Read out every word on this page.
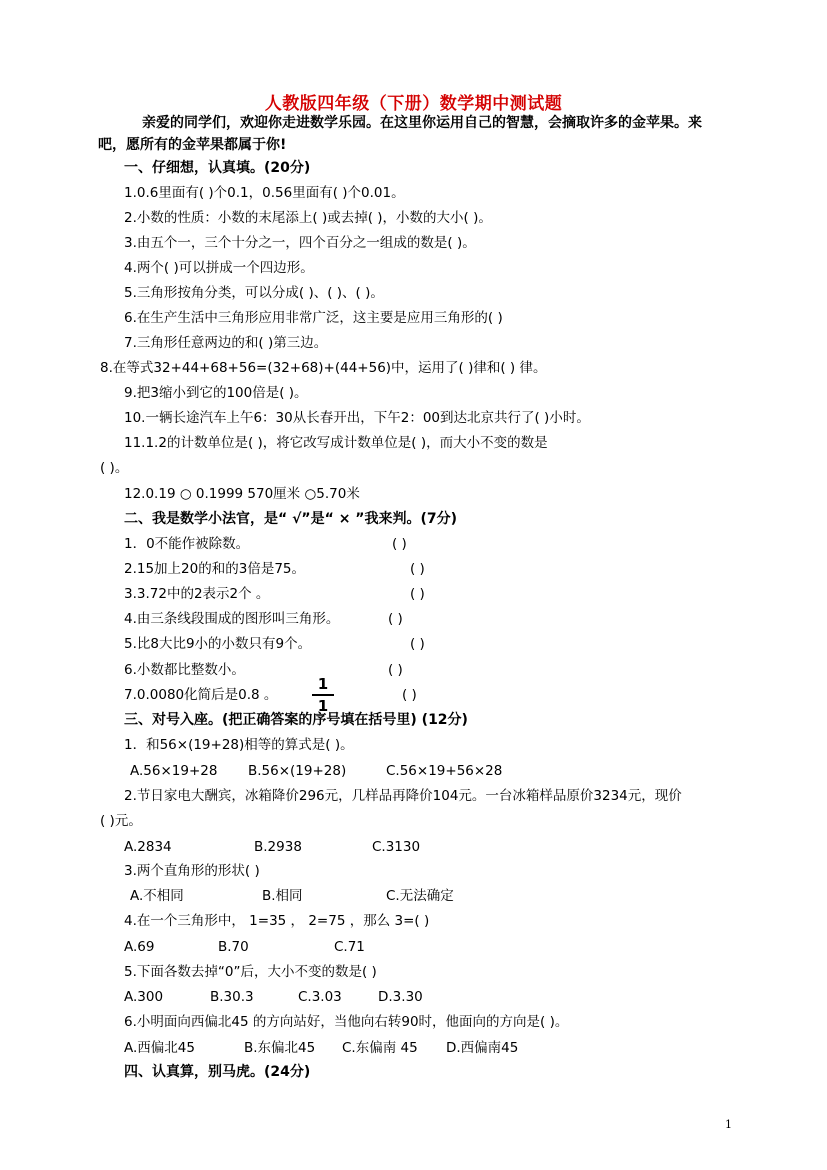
人教版四年级（下册）数学期中测试题
亲爱的同学们，欢迎你走进数学乐园。在这里你运用自己的智慧，会摘取许多的金苹果。来
吧，愿所有的金苹果都属于你!
一、仔细想，认真填。(20分)
1.0.6里面有( )个0.1，0.56里面有( )个0.01。
2.小数的性质：小数的末尾添上( )或去掉( )，小数的大小( )。
3.由五个一，三个十分之一，四个百分之一组成的数是( )。
4.两个( )可以拼成一个四边形。
5.三角形按角分类，可以分成( )、( )、( )。
6.在生产生活中三角形应用非常广泛，这主要是应用三角形的( )
7.三角形任意两边的和( )第三边。
8.在等式32+44+68+56=(32+68)+(44+56)中，运用了( )律和( ) 律。
9.把3缩小到它的100倍是( )。
10.一辆长途汽车上午6：30从长春开出，下午2：00到达北京共行了( )小时。
11.1.2的计数单位是( )，将它改写成计数单位是( )，而大小不变的数是
( )。
12.0.19 ○ 0.1999 570厘米 ○5.70米
二、我是数学小法官，是“ √”是“ × ”我来判。(7分)
1．0不能作被除数。	( )
2.15加上20的和的3倍是75。	( )
3.3.72中的2表示2个 。	( )
4.由三条线段围成的图形叫三角形。	( )
5.比8大比9小的小数只有9个。	( )
6.小数都比整数小。	( )
7.0.0080化简后是0.8 。	( )
1
1
三、对号入座。(把正确答案的序号填在括号里) (12分)
1．和56×(19+28)相等的算式是( )。
A.56×19+28 B.56×(19+28)	C.56×19+56×28
2.节日家电大酬宾，冰箱降价296元，几样品再降价104元。一台冰箱样品原价3234元，现价
( )元。
A.2834	B.2938	C.3130
3.两个直角形的形状( )
A.不相同	B.相同	C.无法确定
4.在一个三角形中， 1=35 ， 2=75 ，那么 3=( )
A.69	B.70	C.71
5.下面各数去掉“0”后，大小不变的数是( )
A.300	B.30.3	C.3.03	D.3.30
6.小明面向西偏北45 的方向站好，当他向右转90时，他面向的方向是( )。
A.西偏北45	B.东偏北45 C.东偏南 45 D.西偏南45
四、认真算，别马虎。(24分)
1
